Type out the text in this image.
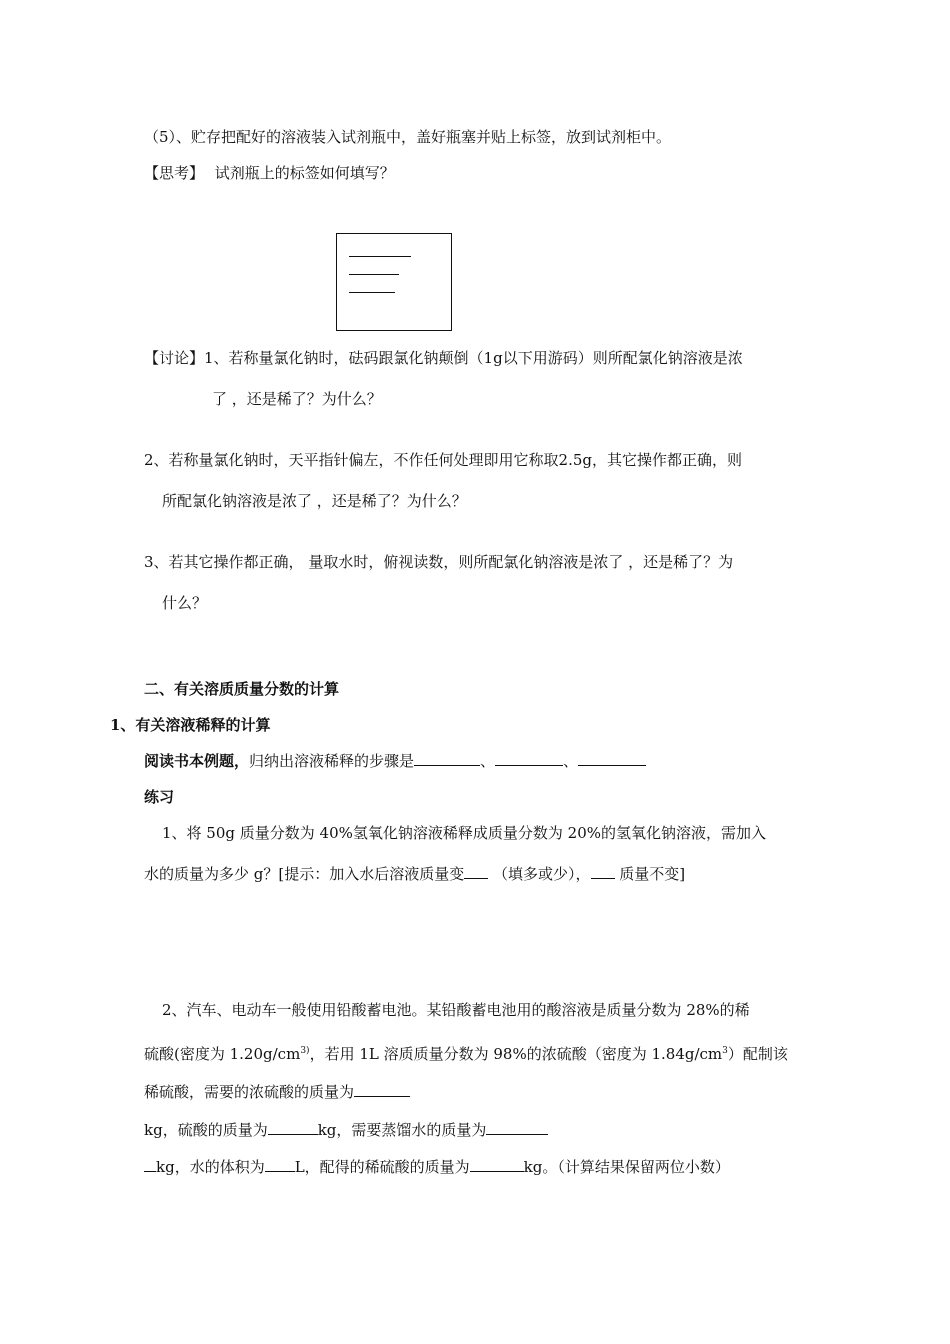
（5）、贮存把配好的溶液装入试剂瓶中，盖好瓶塞并贴上标签，放到试剂柜中。
【思考】 试剂瓶上的标签如何填写？
【讨论】1、若称量氯化钠时，砝码跟氯化钠颠倒（1g以下用游码）则所配氯化钠溶液是浓
了 ，还是稀了？为什么？
2、若称量氯化钠时，天平指针偏左，不作任何处理即用它称取2.5g，其它操作都正确，则
所配氯化钠溶液是浓了 ，还是稀了？为什么？
3、若其它操作都正确， 量取水时，俯视读数，则所配氯化钠溶液是浓了 ，还是稀了？为
什么？
二、有关溶质质量分数的计算
1、有关溶液稀释的计算
阅读书本例题，归纳出溶液稀释的步骤是	、	、
练习
1、将 50g 质量分数为 40%氢氧化钠溶液稀释成质量分数为 20%的氢氧化钠溶液，需加入
水的质量为多少 g？[提示：加入水后溶液质量变 （填多或少）， 质量不变]
2、汽车、电动车一般使用铅酸蓄电池。某铅酸蓄电池用的酸溶液是质量分数为 28%的稀
硫酸(密度为 $1.20g/cm^{3)}$，若用 1L 溶质质量分数为 98%的浓硫酸（密度为 $1.84g/cm^3$）配制该
稀硫酸，需要的浓硫酸的质量为
kg，硫酸的质量为	kg，需要蒸馏水的质量为
kg，水的体积为 L，配得的稀硫酸的质量为	kg。（计算结果保留两位小数）
